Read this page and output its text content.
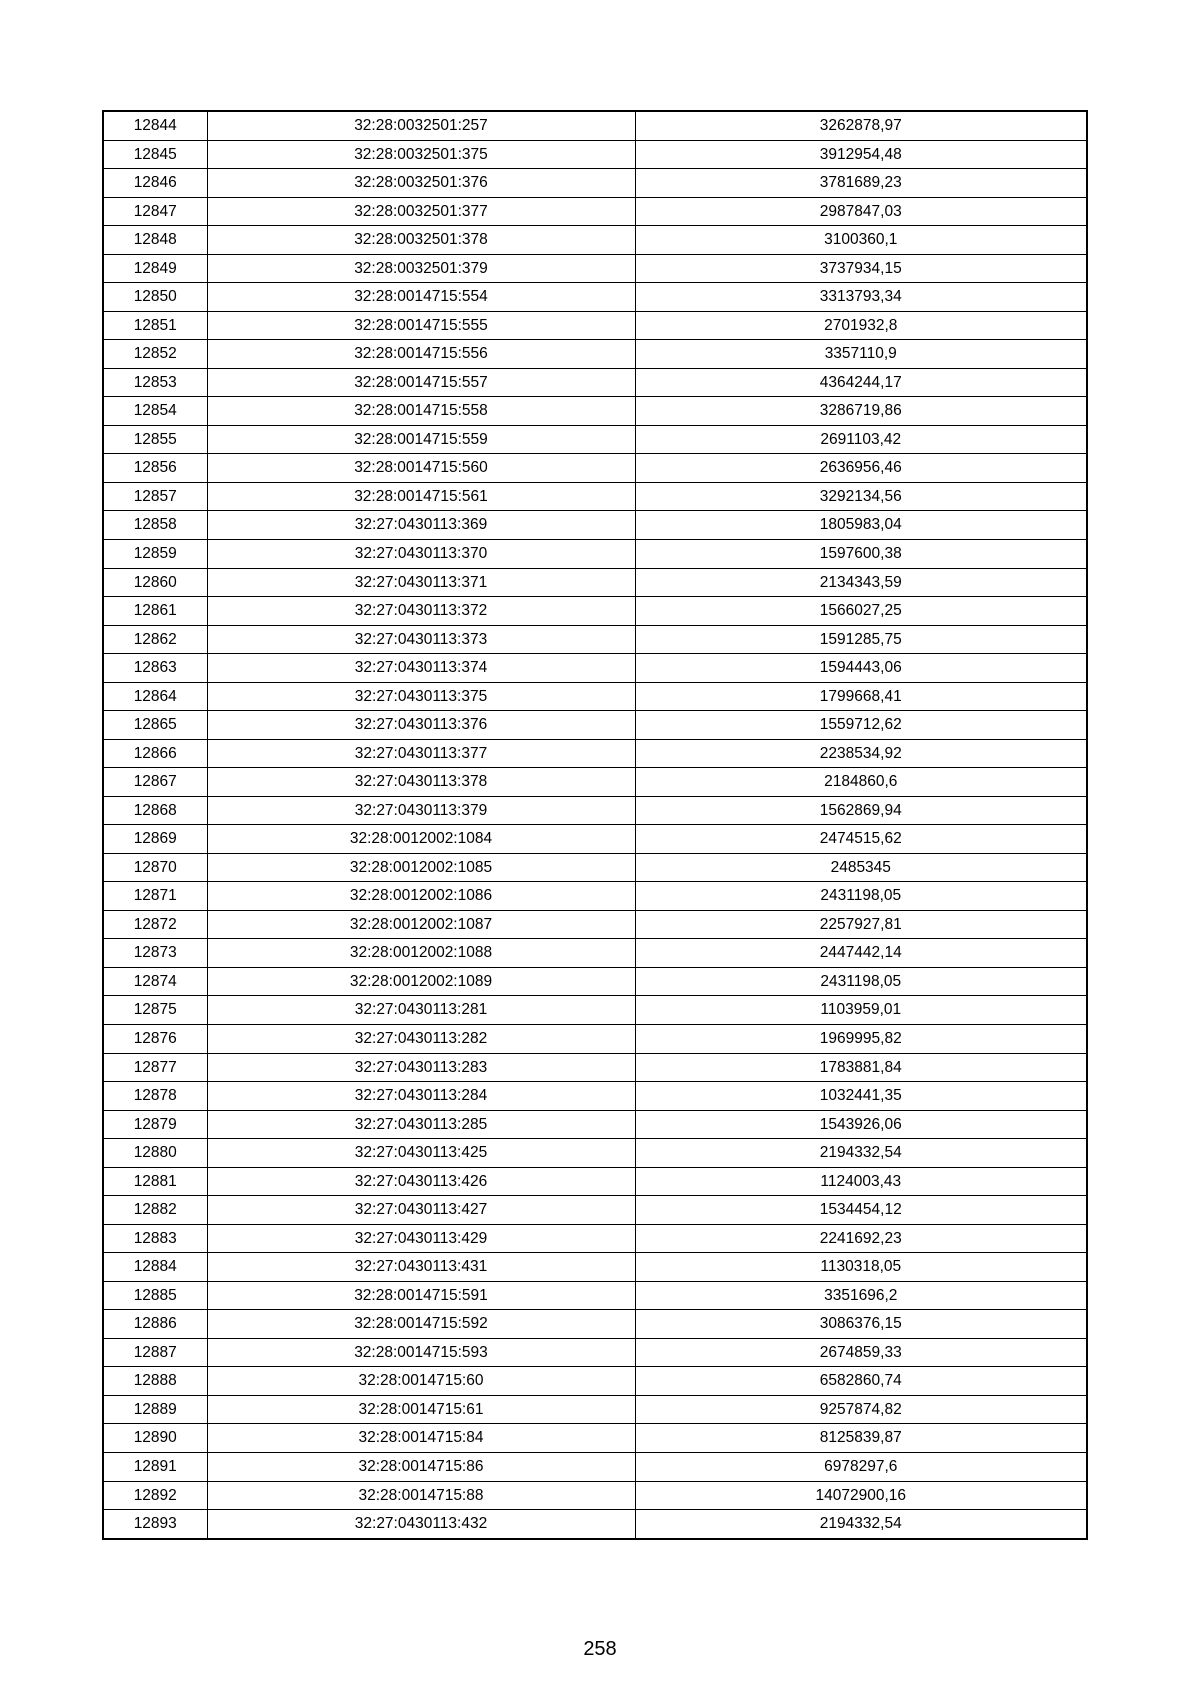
12844	32:28:0032501:257	3262878,97
12845	32:28:0032501:375	3912954,48
12846	32:28:0032501:376	3781689,23
12847	32:28:0032501:377	2987847,03
12848	32:28:0032501:378	3100360,1
12849	32:28:0032501:379	3737934,15
12850	32:28:0014715:554	3313793,34
12851	32:28:0014715:555	2701932,8
12852	32:28:0014715:556	3357110,9
12853	32:28:0014715:557	4364244,17
12854	32:28:0014715:558	3286719,86
12855	32:28:0014715:559	2691103,42
12856	32:28:0014715:560	2636956,46
12857	32:28:0014715:561	3292134,56
12858	32:27:0430113:369	1805983,04
12859	32:27:0430113:370	1597600,38
12860	32:27:0430113:371	2134343,59
12861	32:27:0430113:372	1566027,25
12862	32:27:0430113:373	1591285,75
12863	32:27:0430113:374	1594443,06
12864	32:27:0430113:375	1799668,41
12865	32:27:0430113:376	1559712,62
12866	32:27:0430113:377	2238534,92
12867	32:27:0430113:378	2184860,6
12868	32:27:0430113:379	1562869,94
12869	32:28:0012002:1084	2474515,62
12870	32:28:0012002:1085	2485345
12871	32:28:0012002:1086	2431198,05
12872	32:28:0012002:1087	2257927,81
12873	32:28:0012002:1088	2447442,14
12874	32:28:0012002:1089	2431198,05
12875	32:27:0430113:281	1103959,01
12876	32:27:0430113:282	1969995,82
12877	32:27:0430113:283	1783881,84
12878	32:27:0430113:284	1032441,35
12879	32:27:0430113:285	1543926,06
12880	32:27:0430113:425	2194332,54
12881	32:27:0430113:426	1124003,43
12882	32:27:0430113:427	1534454,12
12883	32:27:0430113:429	2241692,23
12884	32:27:0430113:431	1130318,05
12885	32:28:0014715:591	3351696,2
12886	32:28:0014715:592	3086376,15
12887	32:28:0014715:593	2674859,33
12888	32:28:0014715:60	6582860,74
12889	32:28:0014715:61	9257874,82
12890	32:28:0014715:84	8125839,87
12891	32:28:0014715:86	6978297,6
12892	32:28:0014715:88	14072900,16
12893	32:27:0430113:432	2194332,54
258
